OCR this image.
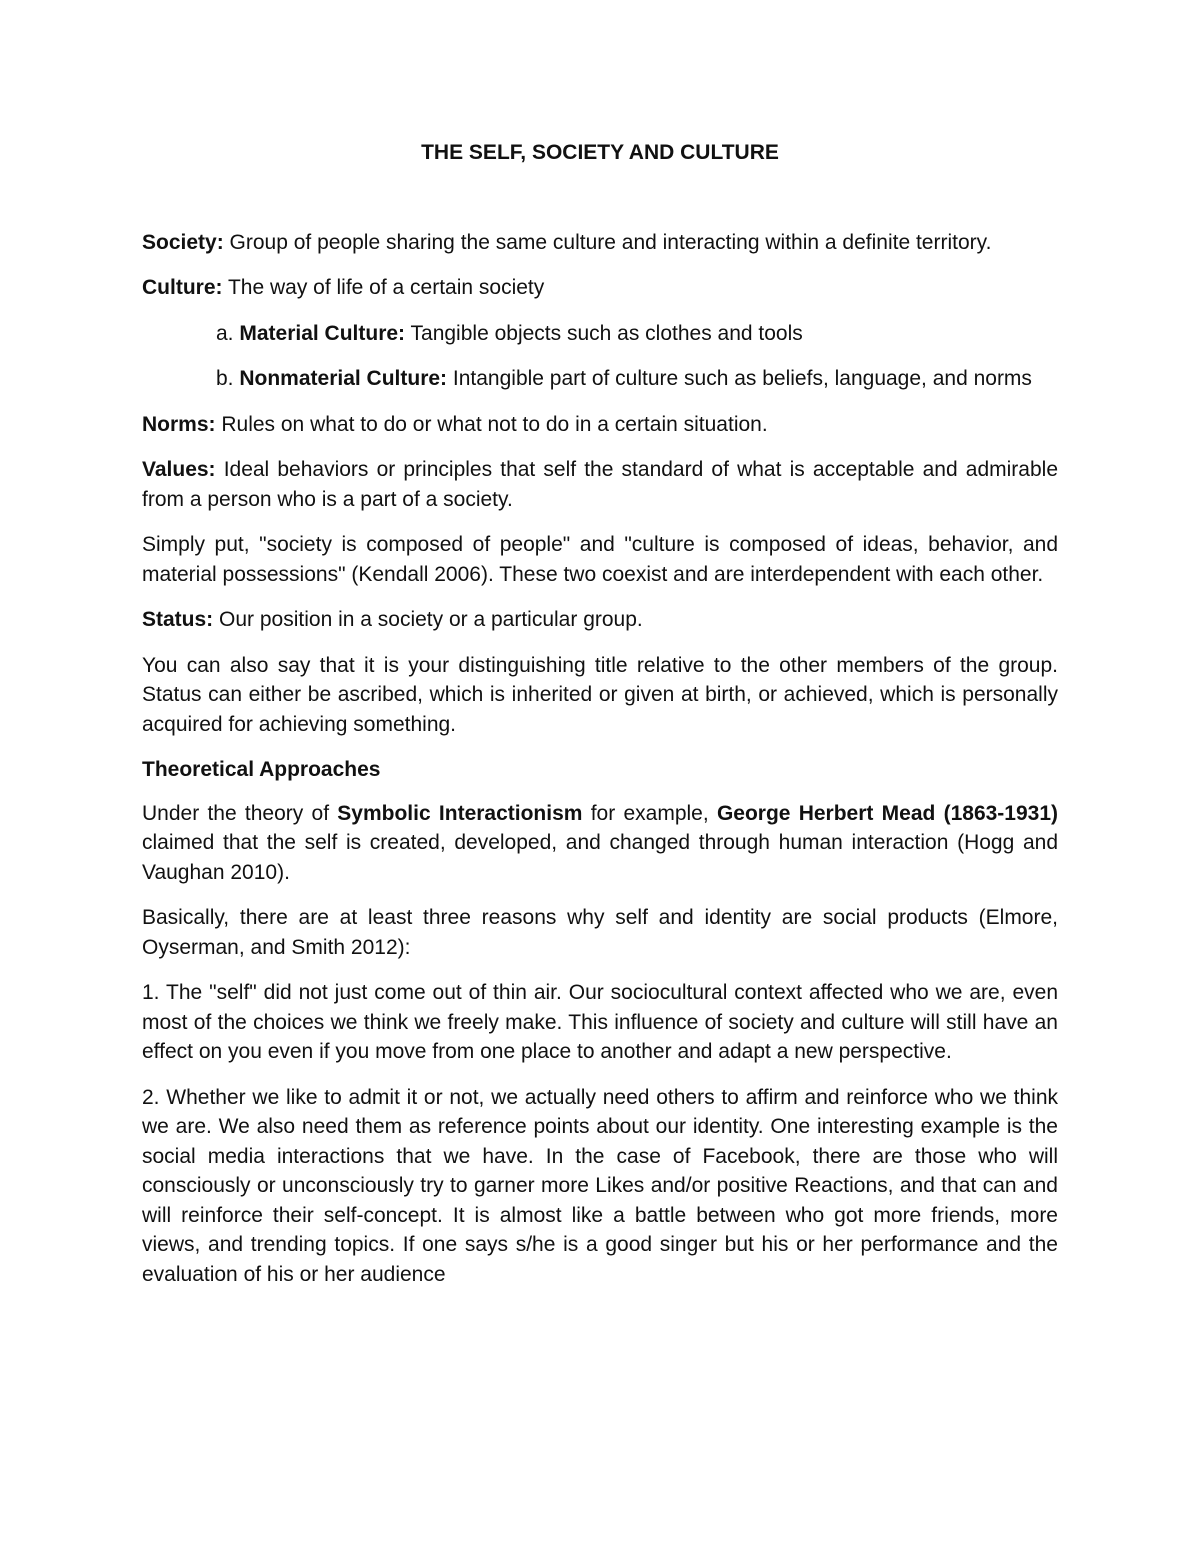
THE SELF, SOCIETY AND CULTURE

Society: Group of people sharing the same culture and interacting within a definite territory.

Culture: The way of life of a certain society

a. Material Culture: Tangible objects such as clothes and tools

b. Nonmaterial Culture: Intangible part of culture such as beliefs, language, and norms

Norms: Rules on what to do or what not to do in a certain situation.

Values: Ideal behaviors or principles that self the standard of what is acceptable and admirable from a person who is a part of a society.

Simply put, "society is composed of people" and "culture is composed of ideas, behavior, and material possessions" (Kendall 2006). These two coexist and are interdependent with each other.

Status: Our position in a society or a particular group.

You can also say that it is your distinguishing title relative to the other members of the group. Status can either be ascribed, which is inherited or given at birth, or achieved, which is personally acquired for achieving something.

Theoretical Approaches

Under the theory of Symbolic Interactionism for example, George Herbert Mead (1863-1931) claimed that the self is created, developed, and changed through human interaction (Hogg and Vaughan 2010).

Basically, there are at least three reasons why self and identity are social products (Elmore, Oyserman, and Smith 2012):

1. The "self" did not just come out of thin air. Our sociocultural context affected who we are, even most of the choices we think we freely make. This influence of society and culture will still have an effect on you even if you move from one place to another and adapt a new perspective.

2. Whether we like to admit it or not, we actually need others to affirm and reinforce who we think we are. We also need them as reference points about our identity. One interesting example is the social media interactions that we have. In the case of Facebook, there are those who will consciously or unconsciously try to garner more Likes and/or positive Reactions, and that can and will reinforce their self-concept. It is almost like a battle between who got more friends, more views, and trending topics. If one says s/he is a good singer but his or her performance and the evaluation of his or her audience
